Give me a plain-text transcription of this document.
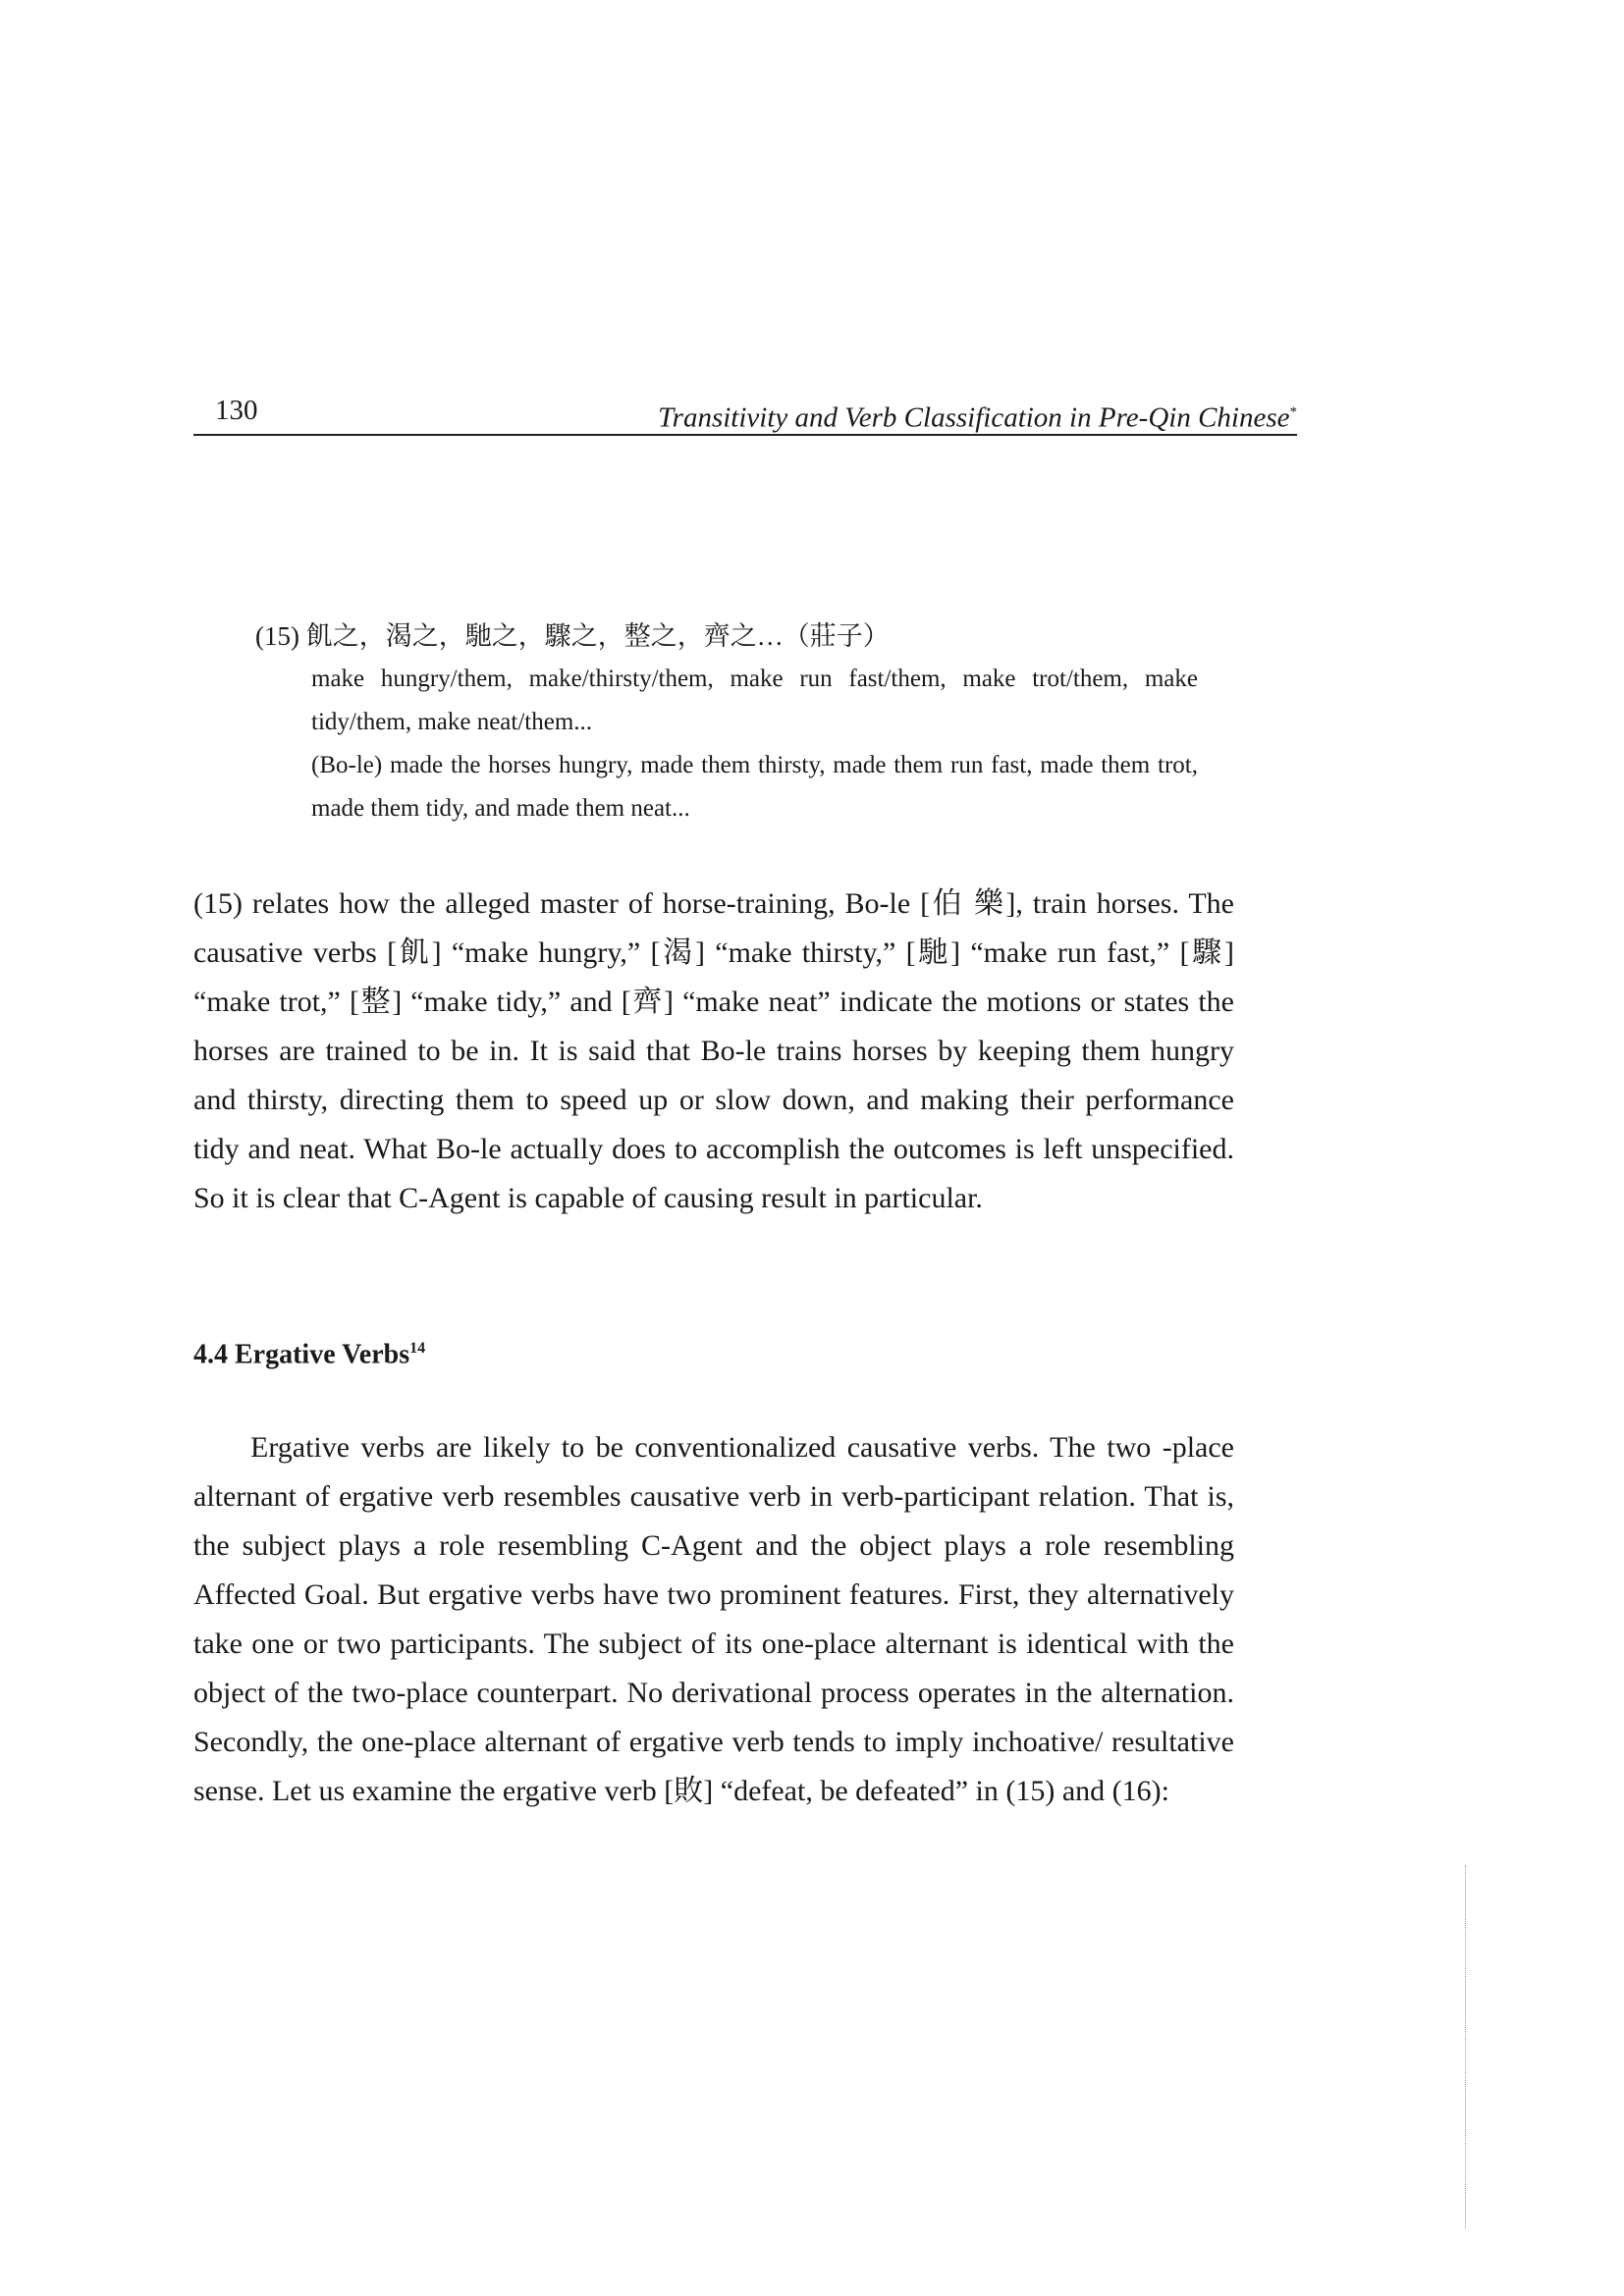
130	Transitivity and Verb Classification in Pre-Qin Chinese*
(15) 飢之，渴之，馳之，驟之，整之，齊之…（莊子）
make hungry/them, make/thirsty/them, make run fast/them, make trot/them, make tidy/them, make neat/them...
(Bo-le) made the horses hungry, made them thirsty, made them run fast, made them trot, made them tidy, and made them neat...

(15) relates how the alleged master of horse-training, Bo-le [伯 樂], train horses. The causative verbs [飢] “make hungry,” [渴] “make thirsty,” [馳] “make run fast,” [驟] “make trot,” [整] “make tidy,” and [齊] “make neat” indicate the motions or states the horses are trained to be in. It is said that Bo-le trains horses by keeping them hungry and thirsty, directing them to speed up or slow down, and making their performance tidy and neat. What Bo-le actually does to accomplish the outcomes is left unspecified. So it is clear that C-Agent is capable of causing result in particular.

4.4 Ergative Verbs$^{14}$

Ergative verbs are likely to be conventionalized causative verbs. The two -place alternant of ergative verb resembles causative verb in verb-participant relation. That is, the subject plays a role resembling C-Agent and the object plays a role resembling Affected Goal. But ergative verbs have two prominent features. First, they alternatively take one or two participants. The subject of its one-place alternant is identical with the object of the two-place counterpart. No derivational process operates in the alternation. Secondly, the one-place alternant of ergative verb tends to imply inchoative/ resultative sense. Let us examine the ergative verb [敗] “defeat, be defeated” in (15) and (16):
